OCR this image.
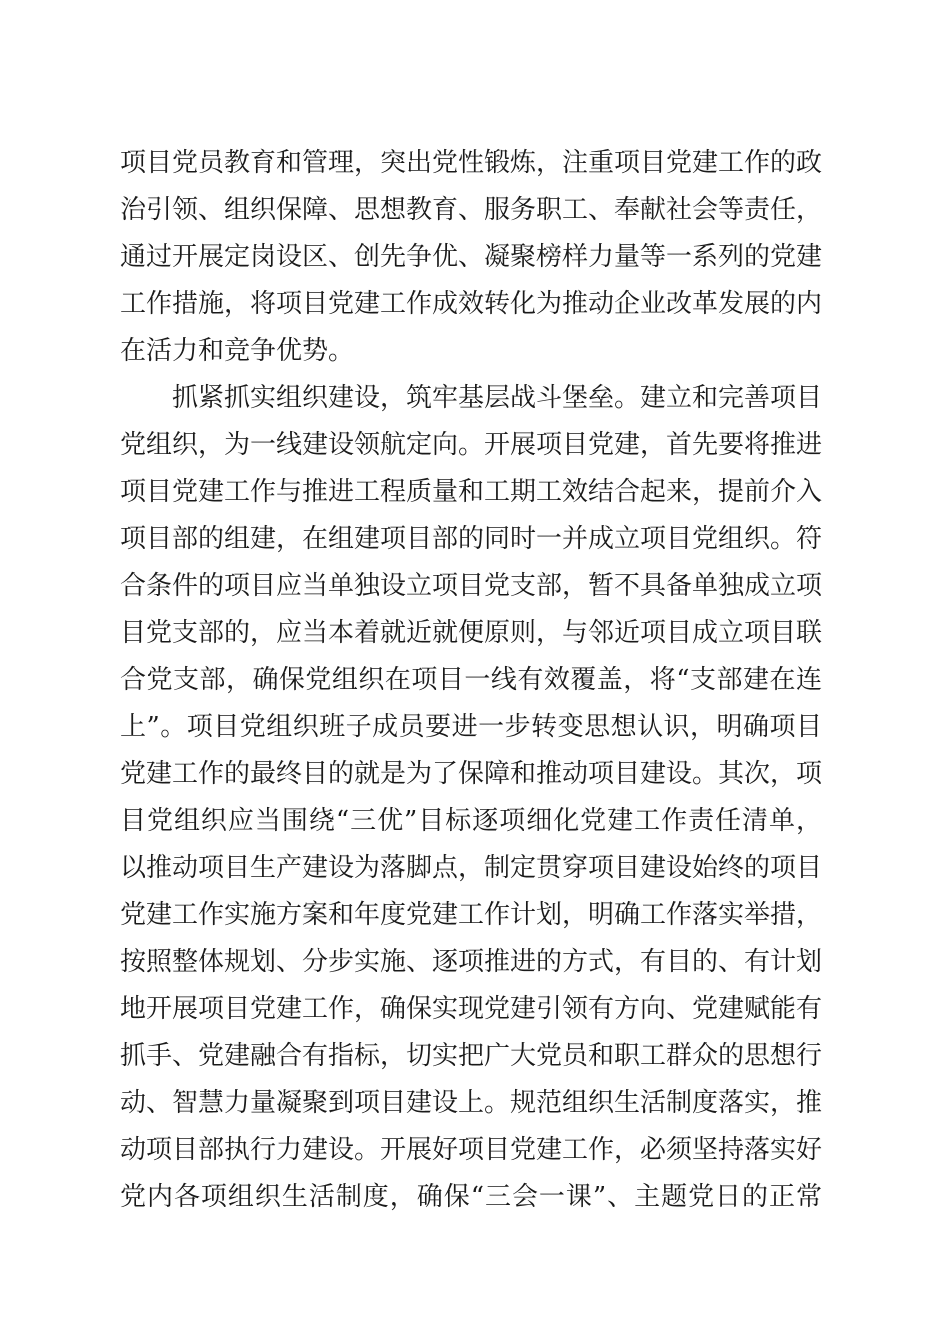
项目党员教育和管理，突出党性锻炼，注重项目党建工作的政
治引领、组织保障、思想教育、服务职工、奉献社会等责任，
通过开展定岗设区、创先争优、凝聚榜样力量等一系列的党建
工作措施，将项目党建工作成效转化为推动企业改革发展的内
在活力和竞争优势。
抓紧抓实组织建设，筑牢基层战斗堡垒。建立和完善项目
党组织，为一线建设领航定向。开展项目党建，首先要将推进
项目党建工作与推进工程质量和工期工效结合起来，提前介入
项目部的组建，在组建项目部的同时一并成立项目党组织。符
合条件的项目应当单独设立项目党支部，暂不具备单独成立项
目党支部的，应当本着就近就便原则，与邻近项目成立项目联
合党支部，确保党组织在项目一线有效覆盖，将“支部建在连
上”。项目党组织班子成员要进一步转变思想认识，明确项目
党建工作的最终目的就是为了保障和推动项目建设。其次，项
目党组织应当围绕“三优”目标逐项细化党建工作责任清单，
以推动项目生产建设为落脚点，制定贯穿项目建设始终的项目
党建工作实施方案和年度党建工作计划，明确工作落实举措，
按照整体规划、分步实施、逐项推进的方式，有目的、有计划
地开展项目党建工作，确保实现党建引领有方向、党建赋能有
抓手、党建融合有指标，切实把广大党员和职工群众的思想行
动、智慧力量凝聚到项目建设上。规范组织生活制度落实，推
动项目部执行力建设。开展好项目党建工作，必须坚持落实好
党内各项组织生活制度，确保“三会一课”、主题党日的正常
